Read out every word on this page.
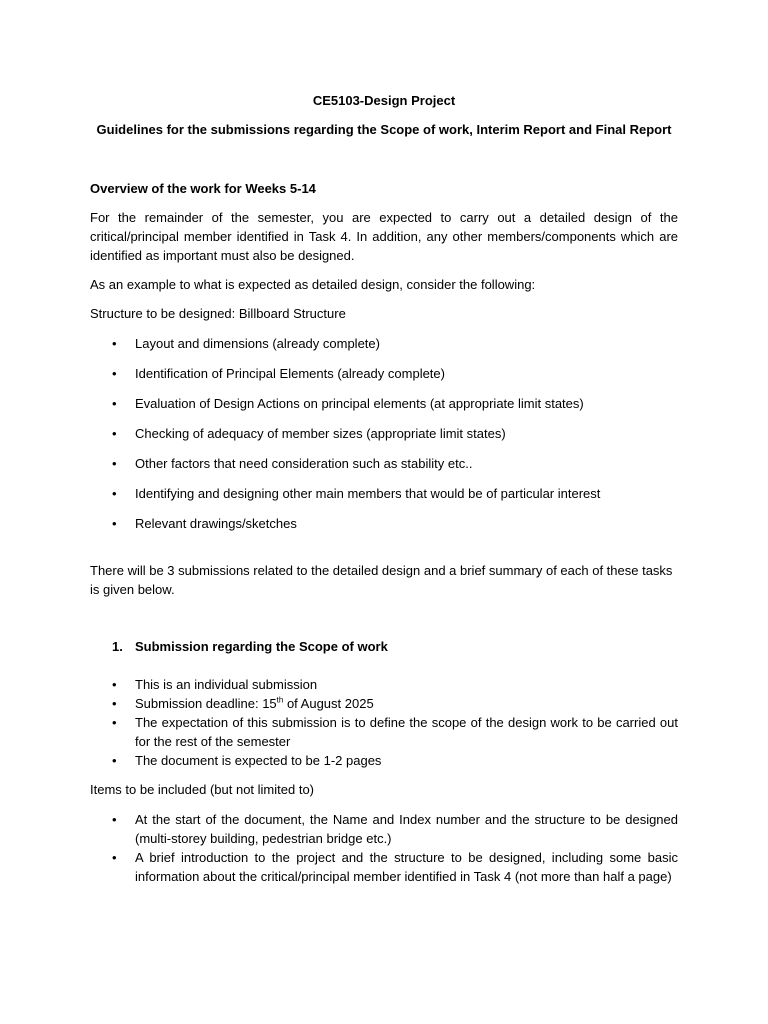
CE5103-Design Project

Guidelines for the submissions regarding the Scope of work, Interim Report and Final Report

Overview of the work for Weeks 5-14

For the remainder of the semester, you are expected to carry out a detailed design of the critical/principal member identified in Task 4. In addition, any other members/components which are identified as important must also be designed.

As an example to what is expected as detailed design, consider the following:

Structure to be designed: Billboard Structure

• Layout and dimensions (already complete)
• Identification of Principal Elements (already complete)
• Evaluation of Design Actions on principal elements (at appropriate limit states)
• Checking of adequacy of member sizes (appropriate limit states)
• Other factors that need consideration such as stability etc..
• Identifying and designing other main members that would be of particular interest
• Relevant drawings/sketches

There will be 3 submissions related to the detailed design and a brief summary of each of these tasks is given below.

1. Submission regarding the Scope of work

• This is an individual submission
• Submission deadline: 15th of August 2025
• The expectation of this submission is to define the scope of the design work to be carried out for the rest of the semester
• The document is expected to be 1-2 pages

Items to be included (but not limited to)

• At the start of the document, the Name and Index number and the structure to be designed (multi-storey building, pedestrian bridge etc.)
• A brief introduction to the project and the structure to be designed, including some basic information about the critical/principal member identified in Task 4 (not more than half a page)
